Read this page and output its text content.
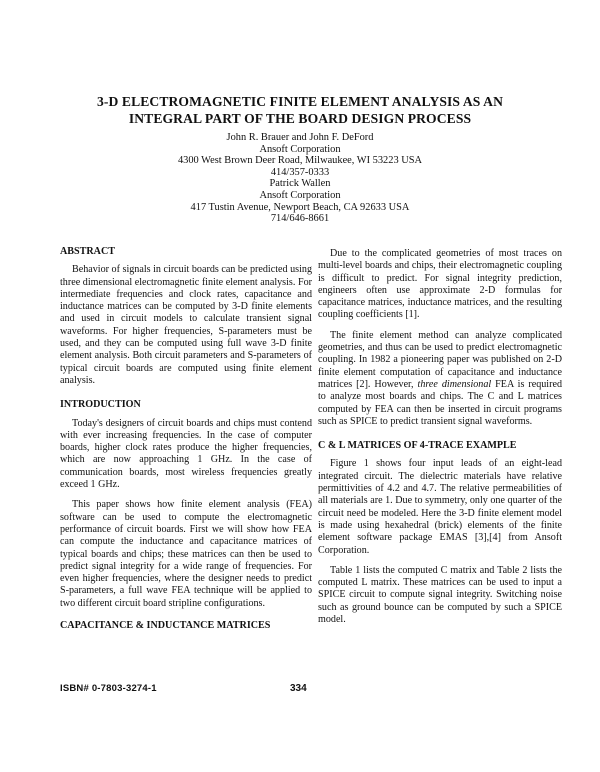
3-D ELECTROMAGNETIC FINITE ELEMENT ANALYSIS AS AN
INTEGRAL PART OF THE BOARD DESIGN PROCESS
John R. Brauer and John F. DeFord
Ansoft Corporation
4300 West Brown Deer Road, Milwaukee, WI 53223 USA
414/357-0333
Patrick Wallen
Ansoft Corporation
417 Tustin Avenue, Newport Beach, CA 92633 USA
714/646-8661
ABSTRACT

Behavior of signals in circuit boards can be predicted using three dimensional electromagnetic finite element analysis. For intermediate frequencies and clock rates, capacitance and inductance matrices can be computed by 3-D finite elements and used in circuit models to calculate transient signal waveforms. For higher frequencies, S-parameters must be used, and they can be computed using full wave 3-D finite element analysis. Both circuit parameters and S-parameters of typical circuit boards are computed using finite element analysis.

INTRODUCTION

Today's designers of circuit boards and chips must contend with ever increasing frequencies. In the case of computer boards, higher clock rates produce the higher frequencies, which are now approaching 1 GHz. In the case of communication boards, most wireless frequencies greatly exceed 1 GHz.

This paper shows how finite element analysis (FEA) software can be used to compute the electromagnetic performance of circuit boards. First we will show how FEA can compute the inductance and capacitance matrices of typical boards and chips; these matrices can then be used to predict signal integrity for a wide range of frequencies. For even higher frequencies, where the designer needs to predict S-parameters, a full wave FEA technique will be applied to two different circuit board stripline configurations.

CAPACITANCE & INDUCTANCE MATRICES

Due to the complicated geometries of most traces on multi-level boards and chips, their electromagnetic coupling is difficult to predict. For signal integrity prediction, engineers often use approximate 2-D formulas for capacitance matrices, inductance matrices, and the resulting coupling coefficients [1].

The finite element method can analyze complicated geometries, and thus can be used to predict electromagnetic coupling. In 1982 a pioneering paper was published on 2-D finite element computation of capacitance and inductance matrices [2]. However, three dimensional FEA is required to analyze most boards and chips. The C and L matrices computed by FEA can then be inserted in circuit programs such as SPICE to predict transient signal waveforms.

C & L MATRICES OF 4-TRACE EXAMPLE

Figure 1 shows four input leads of an eight-lead integrated circuit. The dielectric materials have relative permittivities of 4.2 and 4.7. The relative permeabilities of all materials are 1. Due to symmetry, only one quarter of the circuit need be modeled. Here the 3-D finite element model is made using hexahedral (brick) elements of the finite element software package EMAS [3],[4] from Ansoft Corporation.

Table 1 lists the computed C matrix and Table 2 lists the computed L matrix. These matrices can be used to input a SPICE circuit to compute signal integrity. Switching noise such as ground bounce can be computed by such a SPICE model.

ISBN# 0-7803-3274-1	334
